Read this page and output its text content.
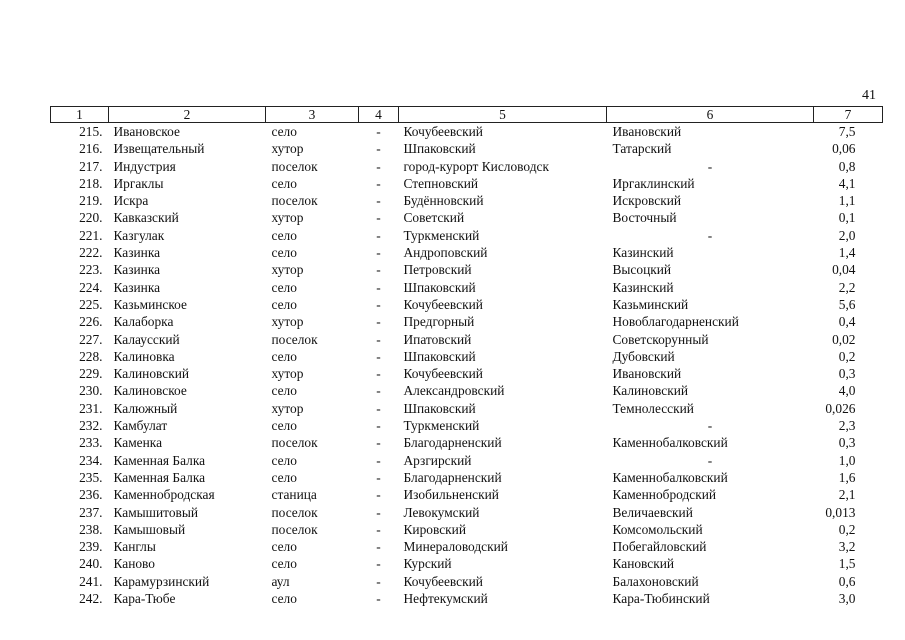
41
1	2	3	4	5	6	7
215.	Ивановское	село	-	Кочубеевский	Ивановский	7,5
216.	Извещательный	хутор	-	Шпаковский	Татарский	0,06
217.	Индустрия	поселок	-	город-курорт Кисловодск	-	0,8
218.	Иргаклы	село	-	Степновский	Иргаклинский	4,1
219.	Искра	поселок	-	Будённовский	Искровский	1,1
220.	Кавказский	хутор	-	Советский	Восточный	0,1
221.	Казгулак	село	-	Туркменский	-	2,0
222.	Казинка	село	-	Андроповский	Казинский	1,4
223.	Казинка	хутор	-	Петровский	Высоцкий	0,04
224.	Казинка	село	-	Шпаковский	Казинский	2,2
225.	Казьминское	село	-	Кочубеевский	Казьминский	5,6
226.	Калаборка	хутор	-	Предгорный	Новоблагодарненский	0,4
227.	Калаусский	поселок	-	Ипатовский	Советскорунный	0,02
228.	Калиновка	село	-	Шпаковский	Дубовский	0,2
229.	Калиновский	хутор	-	Кочубеевский	Ивановский	0,3
230.	Калиновское	село	-	Александровский	Калиновский	4,0
231.	Калюжный	хутор	-	Шпаковский	Темнолесский	0,026
232.	Камбулат	село	-	Туркменский	-	2,3
233.	Каменка	поселок	-	Благодарненский	Каменнобалковский	0,3
234.	Каменная Балка	село	-	Арзгирский	-	1,0
235.	Каменная Балка	село	-	Благодарненский	Каменнобалковский	1,6
236.	Каменнобродская	станица	-	Изобильненский	Каменнобродский	2,1
237.	Камышитовый	поселок	-	Левокумский	Величаевский	0,013
238.	Камышовый	поселок	-	Кировский	Комсомольский	0,2
239.	Канглы	село	-	Минераловодский	Побегайловский	3,2
240.	Каново	село	-	Курский	Кановский	1,5
241.	Карамурзинский	аул	-	Кочубеевский	Балахоновский	0,6
242.	Кара-Тюбе	село	-	Нефтекумский	Кара-Тюбинский	3,0
